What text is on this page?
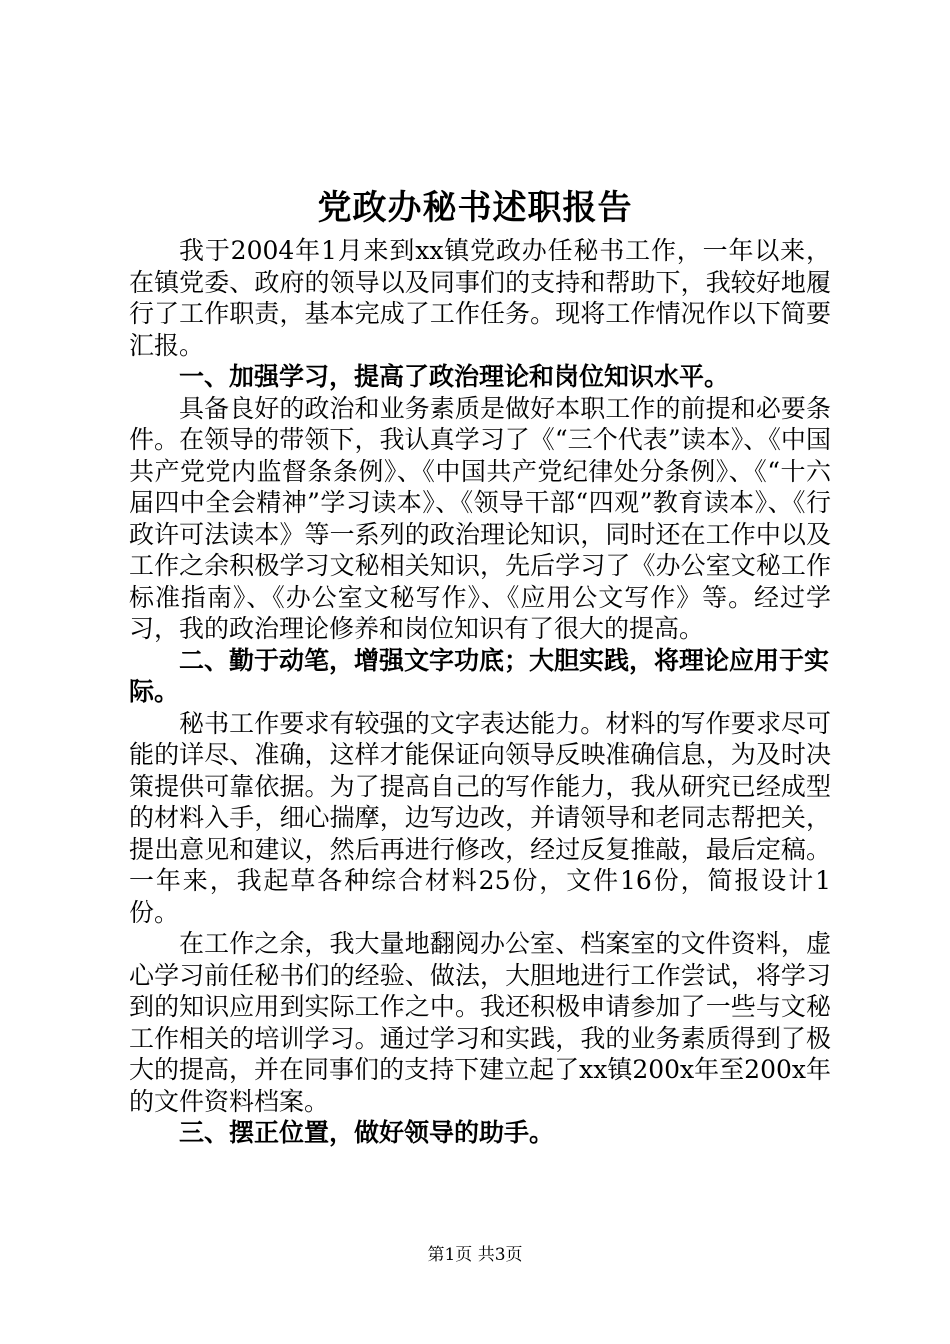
党政办秘书述职报告

我于2004年1月来到xx镇党政办任秘书工作，一年以来，在镇党委、政府的领导以及同事们的支持和帮助下，我较好地履行了工作职责，基本完成了工作任务。现将工作情况作以下简要汇报。

一、加强学习，提高了政治理论和岗位知识水平。

具备良好的政治和业务素质是做好本职工作的前提和必要条件。在领导的带领下，我认真学习了《“三个代表”读本》、《中国共产党党内监督条条例》、《中国共产党纪律处分条例》、《“十六届四中全会精神”学习读本》、《领导干部“四观”教育读本》、《行政许可法读本》等一系列的政治理论知识，同时还在工作中以及工作之余积极学习文秘相关知识，先后学习了《办公室文秘工作标准指南》、《办公室文秘写作》、《应用公文写作》等。经过学习，我的政治理论修养和岗位知识有了很大的提高。

二、勤于动笔，增强文字功底；大胆实践，将理论应用于实际。

秘书工作要求有较强的文字表达能力。材料的写作要求尽可能的详尽、准确，这样才能保证向领导反映准确信息，为及时决策提供可靠依据。为了提高自己的写作能力，我从研究已经成型的材料入手，细心揣摩，边写边改，并请领导和老同志帮把关，提出意见和建议，然后再进行修改，经过反复推敲，最后定稿。一年来，我起草各种综合材料25份，文件16份，简报设计1份。

在工作之余，我大量地翻阅办公室、档案室的文件资料，虚心学习前任秘书们的经验、做法，大胆地进行工作尝试，将学习到的知识应用到实际工作之中。我还积极申请参加了一些与文秘工作相关的培训学习。通过学习和实践，我的业务素质得到了极大的提高，并在同事们的支持下建立起了xx镇200x年至200x年的文件资料档案。

三、摆正位置，做好领导的助手。

第1页 共3页
